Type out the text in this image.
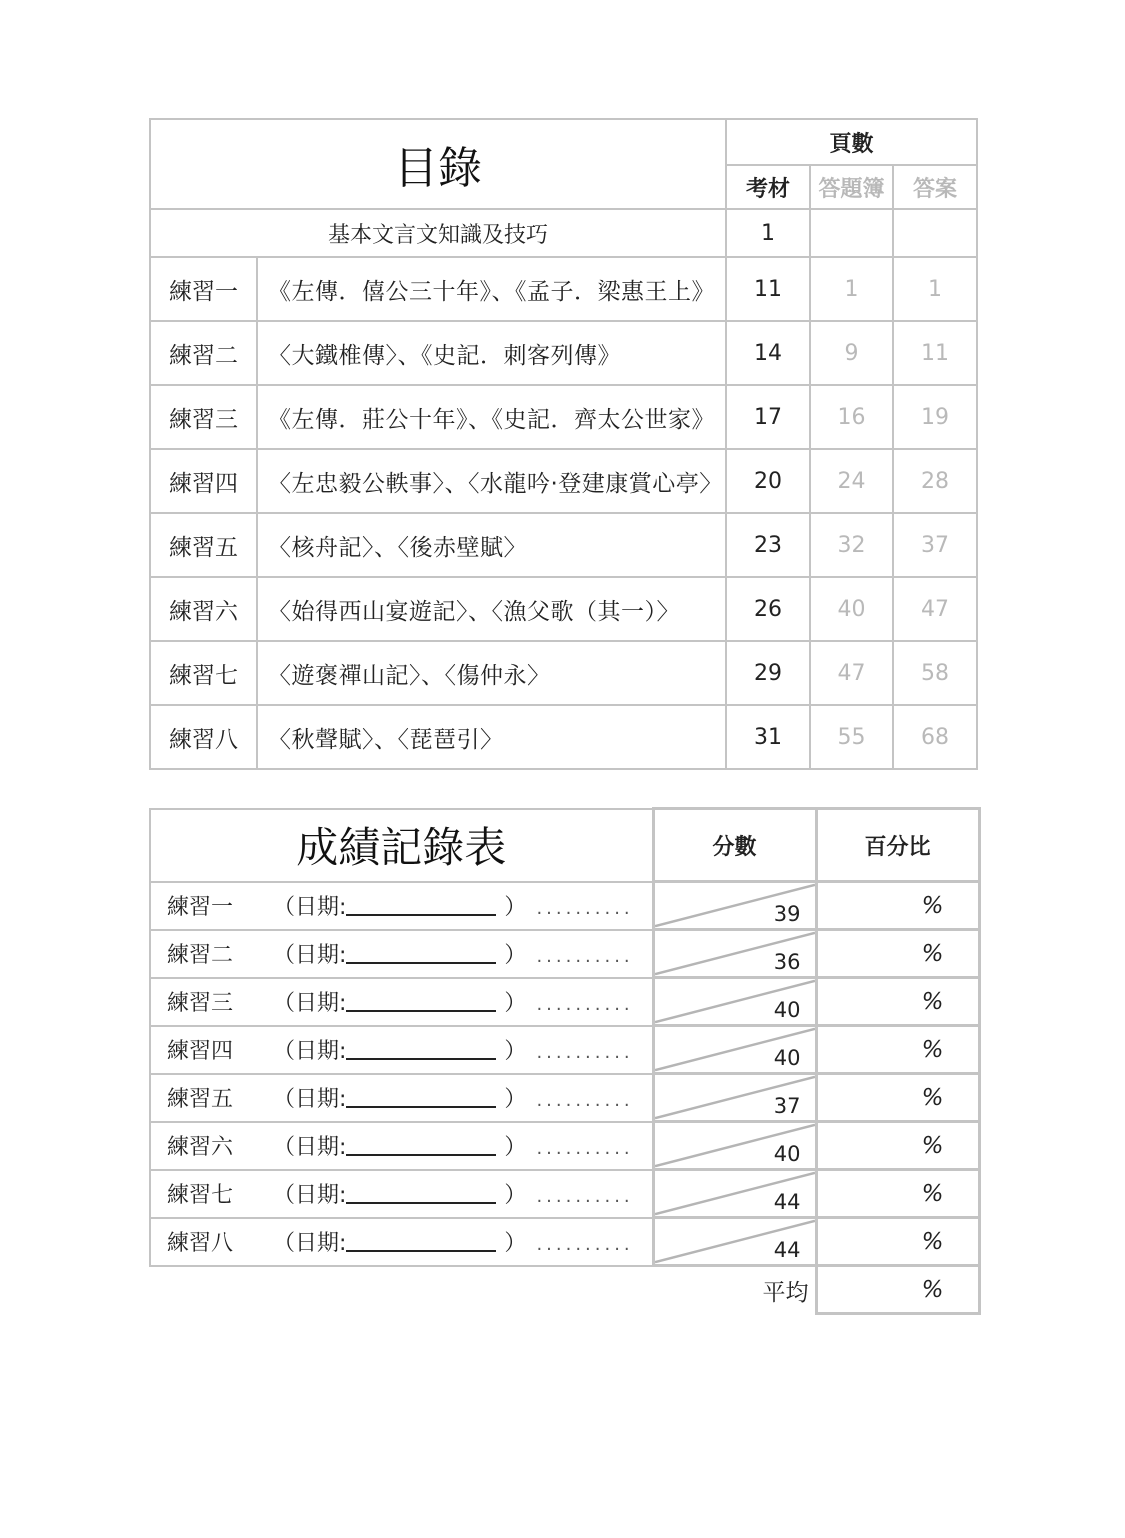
目錄		頁數		
		考材	答題簿	答案
基本文言文知識及技巧		1		
練習一	《左傳．僖公三十年》、《孟子．梁惠王上》	11	1	1
練習二	〈大鐵椎傳〉、《史記．刺客列傳》	14	9	11
練習三	《左傳．莊公十年》、《史記．齊太公世家》	17	16	19
練習四	〈左忠毅公軼事〉、〈水龍吟·登建康賞心亭〉	20	24	28
練習五	〈核舟記〉、〈後赤壁賦〉	23	32	37
練習六	〈始得西山宴遊記〉、〈漁父歌（其一）〉	26	40	47
練習七	〈遊褒禪山記〉、〈傷仲永〉	29	47	58
練習八	〈秋聲賦〉、〈琵琶引〉	31	55	68
成績記錄表	分數	百分比
練習一 （日期: ） ..........	39	%
練習二 （日期: ） ..........	36	%
練習三 （日期: ） ..........	40	%
練習四 （日期: ） ..........	40	%
練習五 （日期: ） ..........	37	%
練習六 （日期: ） ..........	40	%
練習七 （日期: ） ..........	44	%
練習八 （日期: ） ..........	44	%
	平均	%
